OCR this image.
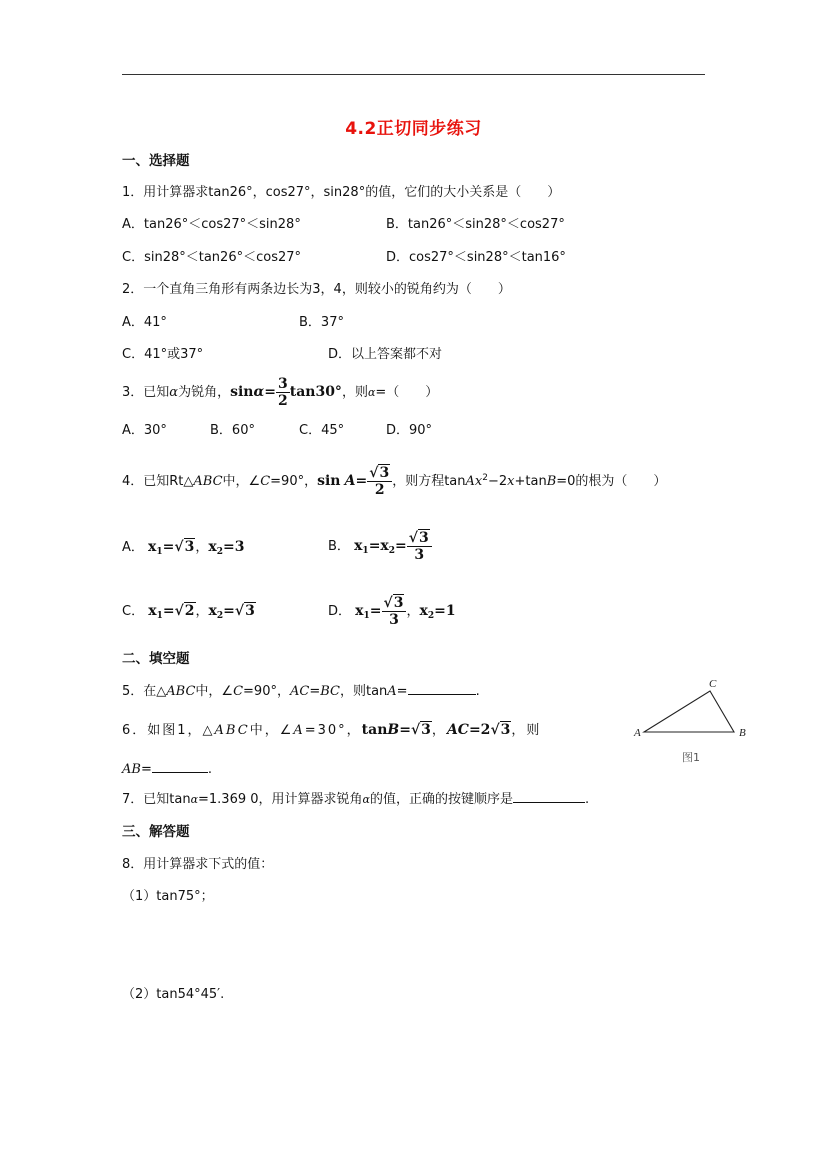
4.2正切同步练习
一、选择题
1．用计算器求tan26°，cos27°，sin28°的值，它们的大小关系是（　　）
A．tan26°＜cos27°＜sin28°	B．tan26°＜sin28°＜cos27°
C．sin28°＜tan26°＜cos27°	D．cos27°＜sin28°＜tan16°
2．一个直角三角形有两条边长为3，4，则较小的锐角约为（　　）
A．41°	B．37°
C．41°或37°	D．以上答案都不对
3．已知α为锐角，$\sin\alpha= \frac{3}{2} \tan 30^\circ$，则α=（　　）
A．30°	B．60°	C．45°	D．90°
4．已知Rt△ABC中，∠C=90°，$\sin A= \frac{√3}{2}$ ，则方程tanAx$^2$−2x+tanB=0的根为（　　）
A． $x_1=√3$，$x_2=3$	B． $x_1=x_2= \frac{√3}{3}$
C． $x_1=√2$，$x_2=√3$	D． $x_1= \frac{√3}{3}$ ，$x_2=1$
二、填空题
5．在△ABC中，∠C=90°，AC=BC，则tanA=	.
6．如图1，△ABC中，∠A=30°，tanB=√3，AC=2√3，则
AB=	.
7．已知tanα=1.369 0，用计算器求锐角α的值，正确的按键顺序是	.
三、解答题
8．用计算器求下式的值：
（1）tan75°；
（2）tan54°45′.
A	B
C
图1
